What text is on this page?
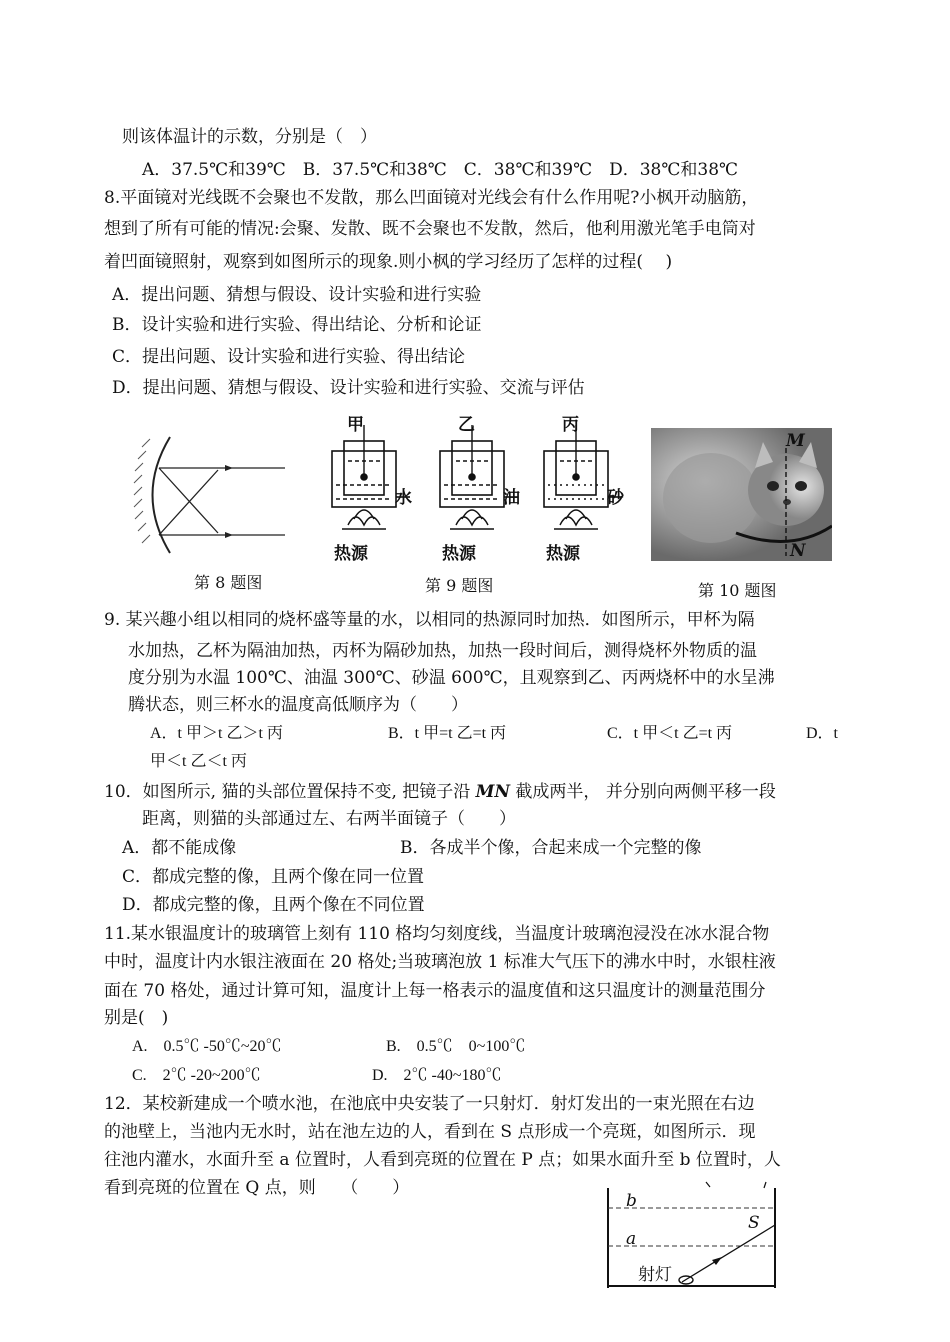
则该体温计的示数，分别是（　）
A．37.5℃和39℃　B．37.5℃和38℃　C．38℃和39℃　D．38℃和38℃
8.平面镜对光线既不会聚也不发散，那么凹面镜对光线会有什么作用呢?小枫开动脑筋，
想到了所有可能的情况:会聚、发散、既不会聚也不发散，然后，他利用激光笔手电筒对
着凹面镜照射，观察到如图所示的现象.则小枫的学习经历了怎样的过程(　 )
A．提出问题、猜想与假设、设计实验和进行实验
B．设计实验和进行实验、得出结论、分析和论证
C．提出问题、设计实验和进行实验、得出结论
D．提出问题、猜想与假设、设计实验和进行实验、交流与评估
第 8 题图
甲	乙	丙
水	油	砂
热源	热源	热源
第 9 题图
M
N
第 10 题图
9. 某兴趣小组以相同的烧杯盛等量的水，以相同的热源同时加热．如图所示，甲杯为隔
水加热，乙杯为隔油加热，丙杯为隔砂加热，加热一段时间后，测得烧杯外物质的温
度分别为水温 100℃、油温 300℃、砂温 600℃，且观察到乙、丙两烧杯中的水呈沸
腾状态，则三杯水的温度高低顺序为（　　）
A．t 甲＞t 乙＞t 丙	B．t 甲=t 乙=t 丙	C．t 甲＜t 乙=t 丙	D．t
甲＜t 乙＜t 丙
10．如图所示, 猫的头部位置保持不变, 把镜子沿 MN 截成两半， 并分别向两侧平移一段
距离，则猫的头部通过左、右两半面镜子（　　）
A．都不能成像	B．各成半个像，合起来成一个完整的像
C．都成完整的像，且两个像在同一位置
D．都成完整的像，且两个像在不同位置
11.某水银温度计的玻璃管上刻有 110 格均匀刻度线，当温度计玻璃泡浸没在冰水混合物
中时，温度计内水银注液面在 20 格处;当玻璃泡放 1 标准大气压下的沸水中时，水银柱液
面在 70 格处，通过计算可知，温度计上每一格表示的温度值和这只温度计的测量范围分
别是(　)
A.　0.5℃ -50℃~20℃	B.　0.5℃　0~100℃
C.　2℃ -20~200℃	D.　2℃ -40~180℃
12．某校新建成一个喷水池，在池底中央安装了一只射灯．射灯发出的一束光照在右边
的池壁上，当池内无水时，站在池左边的人，看到在 S 点形成一个亮斑，如图所示．现
往池内灌水，水面升至 a 位置时，人看到亮斑的位置在 P 点；如果水面升至 b 位置时，人
看到亮斑的位置在 Q 点，则　　（　　）
b
a
S
射灯
